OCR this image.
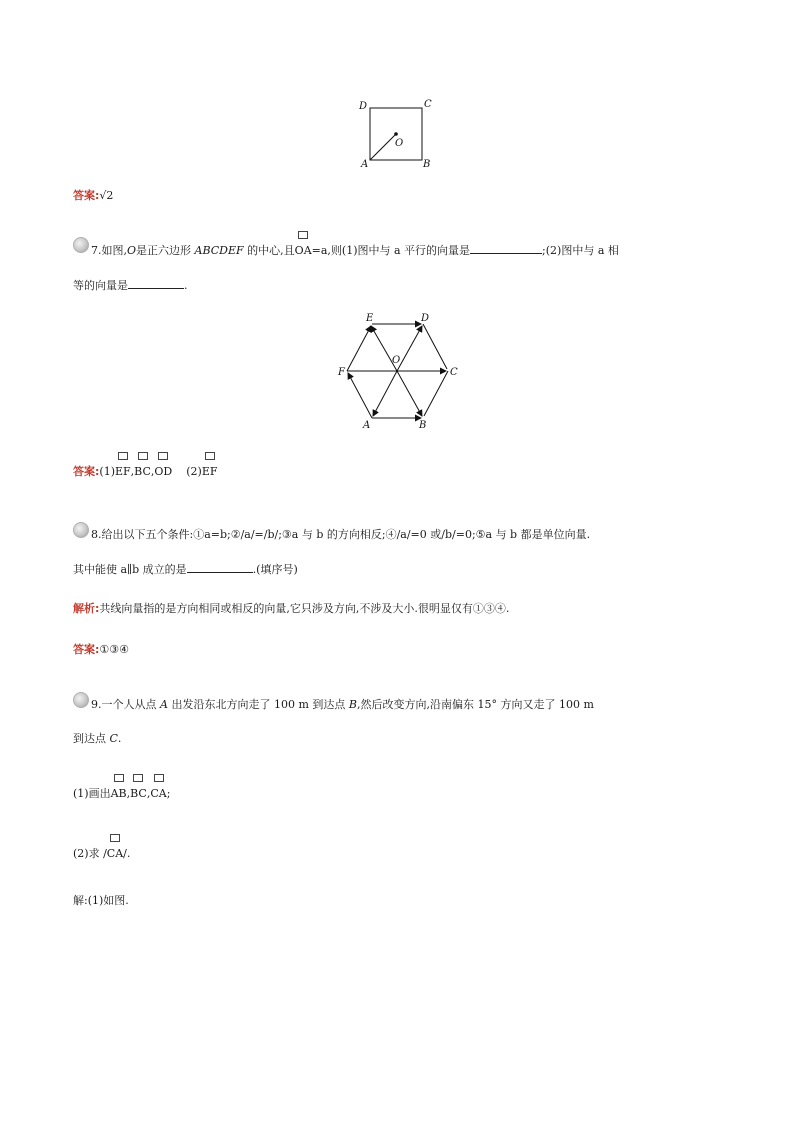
D	C
A	B
O
答案:√2
7.如图,O是正六边形 ABCDEF 的中心,且OA=a,则(1)图中与 a 平行的向量是	;(2)图中与 a 相
等的向量是	.
E	D
F	C
A	B
O
答案:(1)EF,BC,OD (2)EF
8.给出以下五个条件:①a=b;②/a/=/b/;③a 与 b 的方向相反;④/a/=0 或/b/=0;⑤a 与 b 都是单位向量.
其中能使 a∥b 成立的是	.(填序号)
解析:共线向量指的是方向相同或相反的向量,它只涉及方向,不涉及大小.很明显仅有①③④.
答案:①③④
9.一个人从点 A 出发沿东北方向走了 100 m 到达点 B,然后改变方向,沿南偏东 15° 方向又走了 100 m
到达点 C.
(1)画出AB,BC,CA;
(2)求 /CA/.
解:(1)如图.
